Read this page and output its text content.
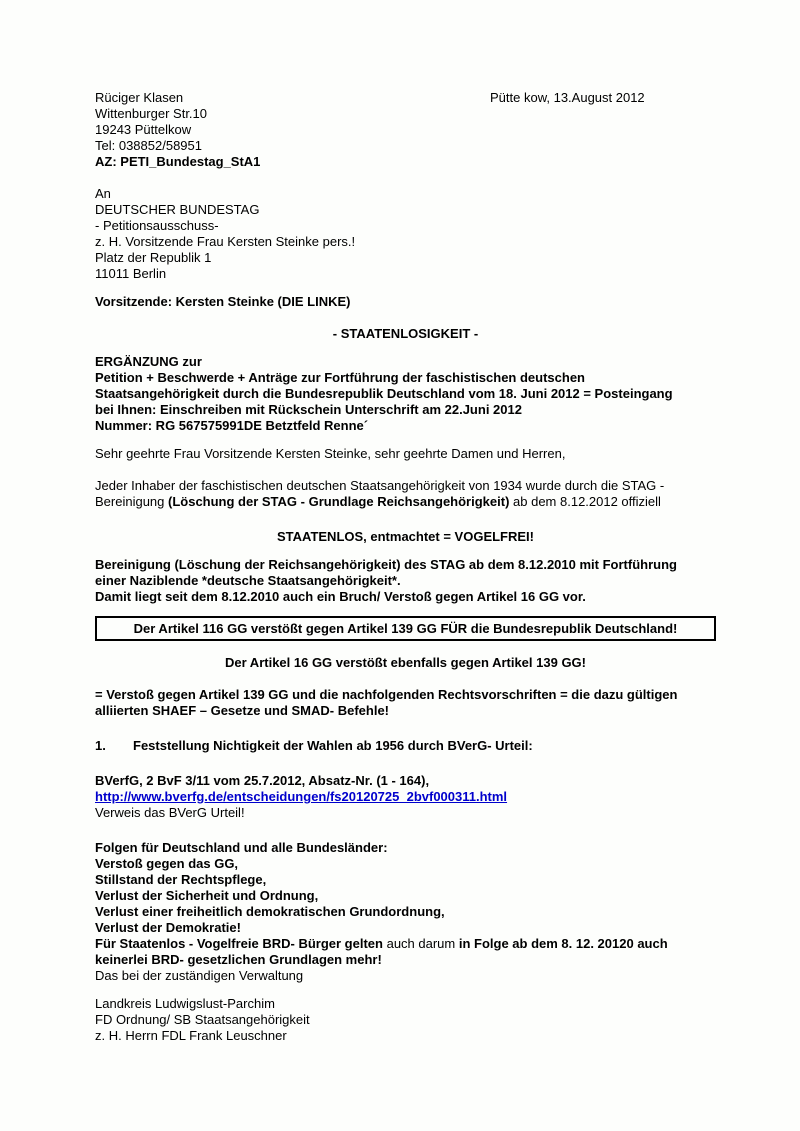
Pütte kow, 13.August 2012
Rüciger Klasen
Wittenburger Str.10
19243 Püttelkow
Tel: 038852/58951
AZ: PETI_Bundestag_StA1
An
DEUTSCHER BUNDESTAG
- Petitionsausschuss-
z. H. Vorsitzende Frau Kersten Steinke pers.!
Platz der Republik 1
11011 Berlin
Vorsitzende: Kersten Steinke (DIE LINKE)
- STAATENLOSIGKEIT -
ERGÄNZUNG zur
Petition + Beschwerde + Anträge zur Fortführung der faschistischen deutschen
Staatsangehörigkeit durch die Bundesrepublik Deutschland vom 18. Juni 2012 = Posteingang
bei Ihnen: Einschreiben mit Rückschein Unterschrift am 22.Juni 2012
Nummer: RG 567575991DE Betztfeld Renne´
Sehr geehrte Frau Vorsitzende Kersten Steinke, sehr geehrte Damen und Herren,
Jeder Inhaber der faschistischen deutschen Staatsangehörigkeit von 1934 wurde durch die STAG -
Bereinigung (Löschung der STAG - Grundlage Reichsangehörigkeit) ab dem 8.12.2012 offiziell
STAATENLOS, entmachtet = VOGELFREI!
Bereinigung (Löschung der Reichsangehörigkeit) des STAG ab dem 8.12.2010 mit Fortführung
einer Naziblende *deutsche Staatsangehörigkeit*.
Damit liegt seit dem 8.12.2010 auch ein Bruch/ Verstoß gegen Artikel 16 GG vor.
Der Artikel 116 GG verstößt gegen Artikel 139 GG FÜR die Bundesrepublik Deutschland!
Der Artikel 16 GG verstößt ebenfalls gegen Artikel 139 GG!
= Verstoß gegen Artikel 139 GG und die nachfolgenden Rechtsvorschriften = die dazu gültigen
alliierten SHAEF – Gesetze und SMAD- Befehle!
1.	Feststellung Nichtigkeit der Wahlen ab 1956 durch BVerG- Urteil:
BVerfG, 2 BvF 3/11 vom 25.7.2012, Absatz-Nr. (1 - 164),
http://www.bverfg.de/entscheidungen/fs20120725_2bvf000311.html
Verweis das BVerG Urteil!
Folgen für Deutschland und alle Bundesländer:
Verstoß gegen das GG,
Stillstand der Rechtspflege,
Verlust der Sicherheit und Ordnung,
Verlust einer freiheitlich demokratischen Grundordnung,
Verlust der Demokratie!
Für Staatenlos - Vogelfreie BRD- Bürger gelten auch darum in Folge ab dem 8. 12. 20120 auch
keinerlei BRD- gesetzlichen Grundlagen mehr!
Das bei der zuständigen Verwaltung
Landkreis Ludwigslust-Parchim
FD Ordnung/ SB Staatsangehörigkeit
z. H. Herrn FDL Frank Leuschner
